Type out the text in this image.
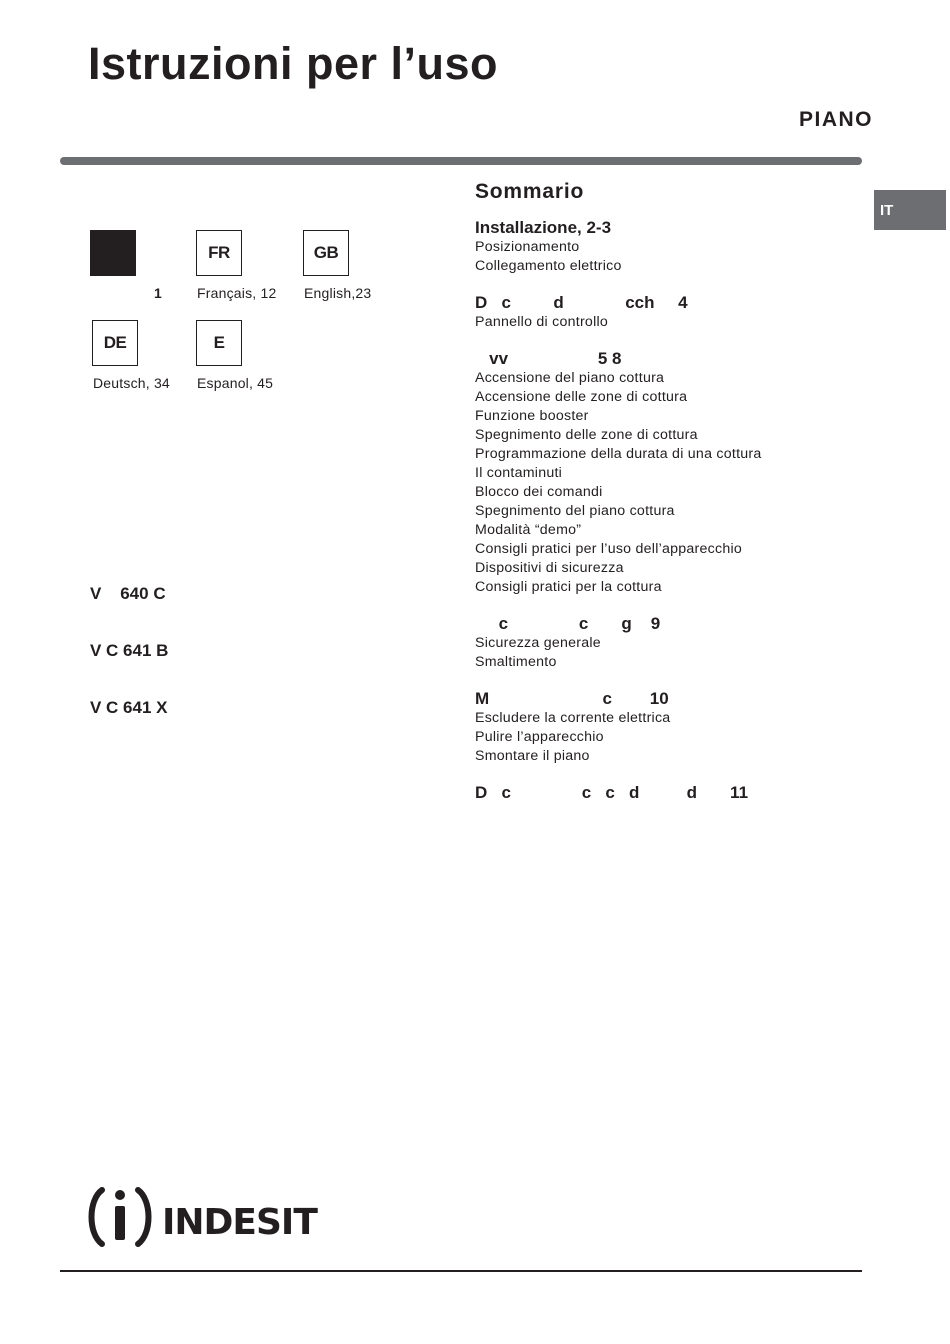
Istruzioni per l’uso
PIANO
IT
1
FR
Français, 12
GB
English,23
DE
Deutsch, 34
E
Espanol, 45

V    640 C

V C 641 B

V C 641 X

Sommario
Installazione, 2-3
Posizionamento
Collegamento elettrico
D   c         d             cch     4
Pannello di controllo
vv                   5 8
Accensione del piano cottura
Accensione delle zone di cottura
Funzione booster
Spegnimento delle zone di cottura
Programmazione della durata di una cottura
Il contaminuti
Blocco dei comandi
Spegnimento del piano cottura
Modalità “demo”
Consigli pratici per l’uso dell’apparecchio
Dispositivi di sicurezza
Consigli pratici per la cottura
c               c       g    9
Sicurezza generale
Smaltimento
M                        c        10
Escludere la corrente elettrica
Pulire l’apparecchio
Smontare il piano
D   c               c   c   d          d       11
INDESIT
